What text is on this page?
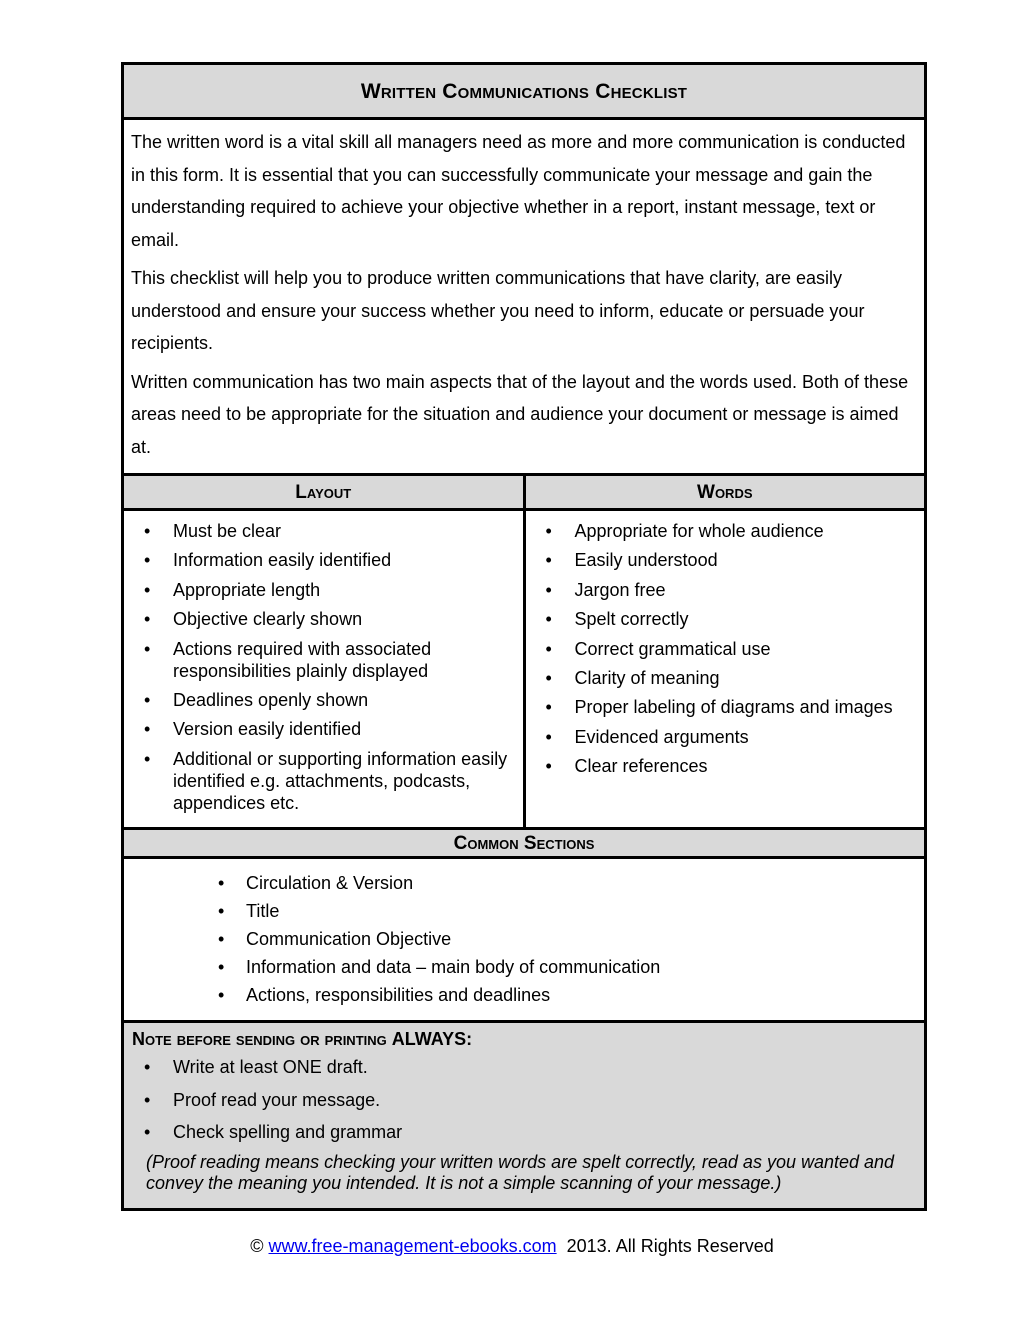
Written Communications Checklist

The written word is a vital skill all managers need as more and more communication is conducted in this form. It is essential that you can successfully communicate your message and gain the understanding required to achieve your objective whether in a report, instant message, text or email.

This checklist will help you to produce written communications that have clarity, are easily understood and ensure your success whether you need to inform, educate or persuade your recipients.

Written communication has two main aspects that of the layout and the words used. Both of these areas need to be appropriate for the situation and audience your document or message is aimed at.

Layout
• Must be clear
• Information easily identified
• Appropriate length
• Objective clearly shown
• Actions required with associated responsibilities plainly displayed
• Deadlines openly shown
• Version easily identified
• Additional or supporting information easily identified e.g. attachments, podcasts, appendices etc.
Words
• Appropriate for whole audience
• Easily understood
• Jargon free
• Spelt correctly
• Correct grammatical use
• Clarity of meaning
• Proper labeling of diagrams and images
• Evidenced arguments
• Clear references
Common Sections
• Circulation & Version
• Title
• Communication Objective
• Information and data – main body of communication
• Actions, responsibilities and deadlines
Note before sending or printing ALWAYS:
• Write at least ONE draft.
• Proof read your message.
• Check spelling and grammar
(Proof reading means checking your written words are spelt correctly, read as you wanted and convey the meaning you intended. It is not a simple scanning of your message.)
© www.free-management-ebooks.com 2013. All Rights Reserved
